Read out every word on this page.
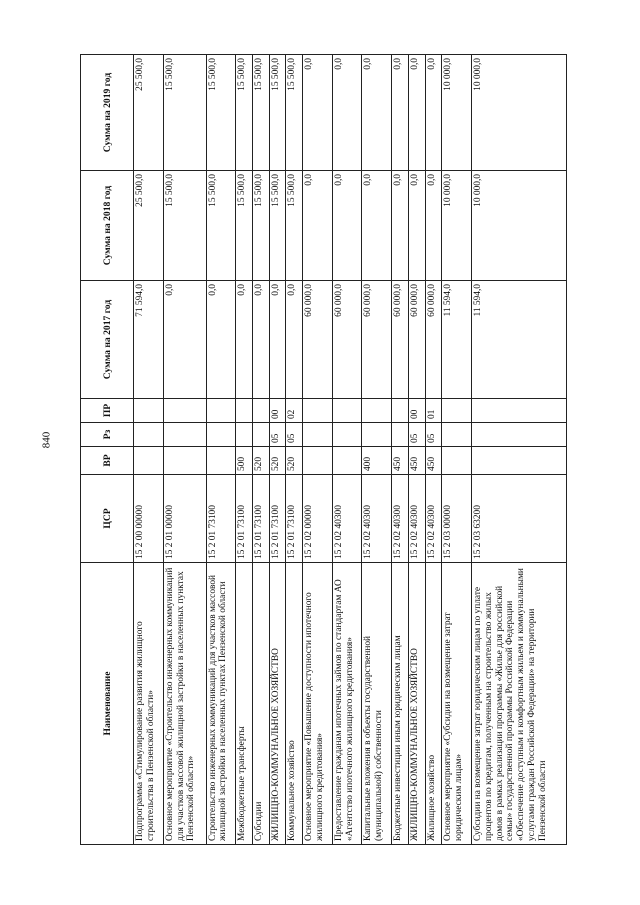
840
Наименование	ЦСР	ВР	Рз	ПР	Сумма на 2017 год	Сумма на 2018 год	Сумма на 2019 год
Подпрограмма «Стимулирование развития жилищного строительства в Пензенской области»	15 2 00 00000				71 594,0	25 500,0	25 500,0
Основное мероприятие «Строительство инженерных коммуникаций для участков массовой жилищной застройки в населенных пунктах Пензенской области»	15 2 01 00000				0,0	15 500,0	15 500,0
Строительство инженерных коммуникаций для участков массовой жилищной застройки в населенных пунктах Пензенской области	15 2 01 73100				0,0	15 500,0	15 500,0
Межбюджетные трансферты	15 2 01 73100	500			0,0	15 500,0	15 500,0
Субсидии	15 2 01 73100	520			0,0	15 500,0	15 500,0
ЖИЛИЩНО-КОММУНАЛЬНОЕ ХОЗЯЙСТВО	15 2 01 73100	520	05	00	0,0	15 500,0	15 500,0
Коммунальное хозяйство	15 2 01 73100	520	05	02	0,0	15 500,0	15 500,0
Основное мероприятие «Повышение доступности ипотечного жилищного кредитования»	15 2 02 00000				60 000,0	0,0	0,0
Предоставление гражданам ипотечных займов по стандартам АО «Агентство ипотечного жилищного кредитования»	15 2 02 40300				60 000,0	0,0	0,0
Капитальные вложения в объекты государственной (муниципальной) собственности	15 2 02 40300	400			60 000,0	0,0	0,0
Бюджетные инвестиции иным юридическим лицам	15 2 02 40300	450			60 000,0	0,0	0,0
ЖИЛИЩНО-КОММУНАЛЬНОЕ ХОЗЯЙСТВО	15 2 02 40300	450	05	00	60 000,0	0,0	0,0
Жилищное хозяйство	15 2 02 40300	450	05	01	60 000,0	0,0	0,0
Основное мероприятие «Субсидии на возмещение затрат юридическим лицам»	15 2 03 00000				11 594,0	10 000,0	10 000,0
Субсидии на возмещение затрат юридическим лицам по уплате процентов по кредитам, полученным на строительство жилых домов в рамках реализации программы «Жилье для российской семьи» государственной программы Российской Федерации «Обеспечение доступным и комфортным жильем и коммунальными услугами граждан Российской Федерации» на территории Пензенской области	15 2 03 63200				11 594,0	10 000,0	10 000,0
